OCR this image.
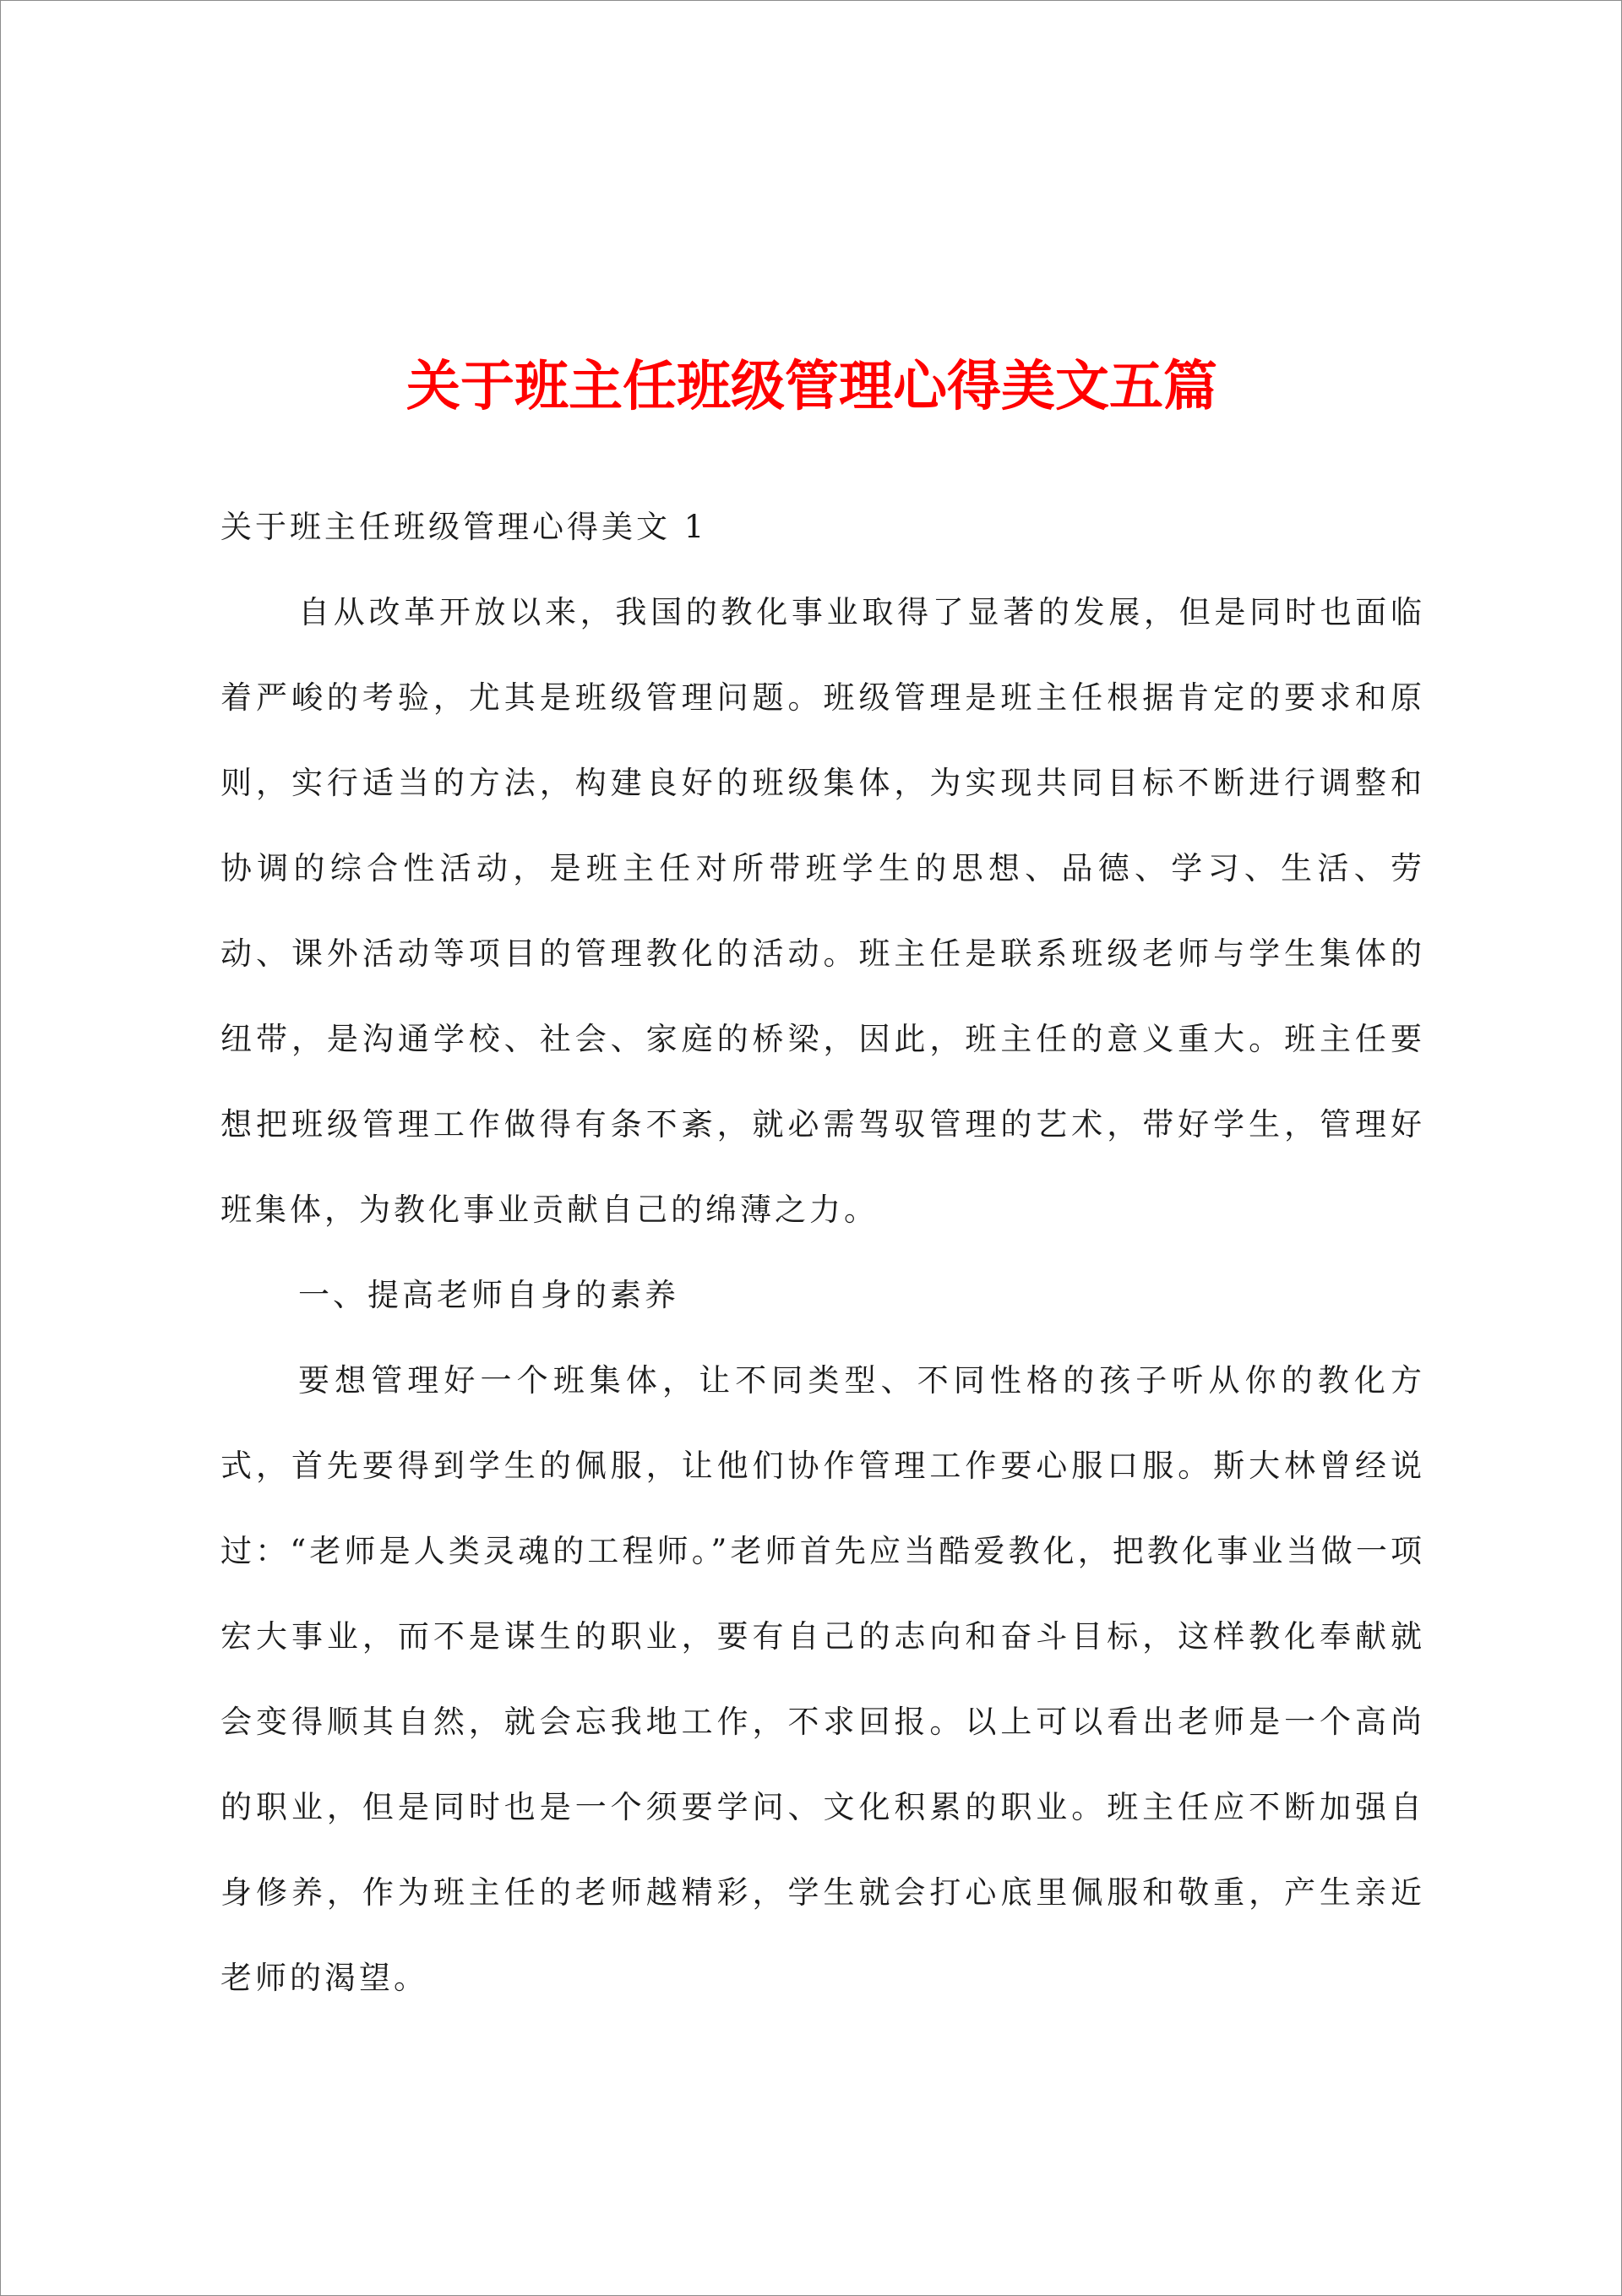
关于班主任班级管理心得美文五篇

关于班主任班级管理心得美文 1

自从改革开放以来，我国的教化事业取得了显著的发展，但是同时也面临着严峻的考验，尤其是班级管理问题。班级管理是班主任根据肯定的要求和原则，实行适当的方法，构建良好的班级集体，为实现共同目标不断进行调整和协调的综合性活动，是班主任对所带班学生的思想、品德、学习、生活、劳动、课外活动等项目的管理教化的活动。班主任是联系班级老师与学生集体的纽带，是沟通学校、社会、家庭的桥梁，因此，班主任的意义重大。班主任要想把班级管理工作做得有条不紊，就必需驾驭管理的艺术，带好学生，管理好班集体，为教化事业贡献自己的绵薄之力。

一、提高老师自身的素养

要想管理好一个班集体，让不同类型、不同性格的孩子听从你的教化方式，首先要得到学生的佩服，让他们协作管理工作要心服口服。斯大林曾经说过：“老师是人类灵魂的工程师。”老师首先应当酷爱教化，把教化事业当做一项宏大事业，而不是谋生的职业，要有自己的志向和奋斗目标，这样教化奉献就会变得顺其自然，就会忘我地工作，不求回报。以上可以看出老师是一个高尚的职业，但是同时也是一个须要学问、文化积累的职业。班主任应不断加强自身修养，作为班主任的老师越精彩，学生就会打心底里佩服和敬重，产生亲近老师的渴望。
